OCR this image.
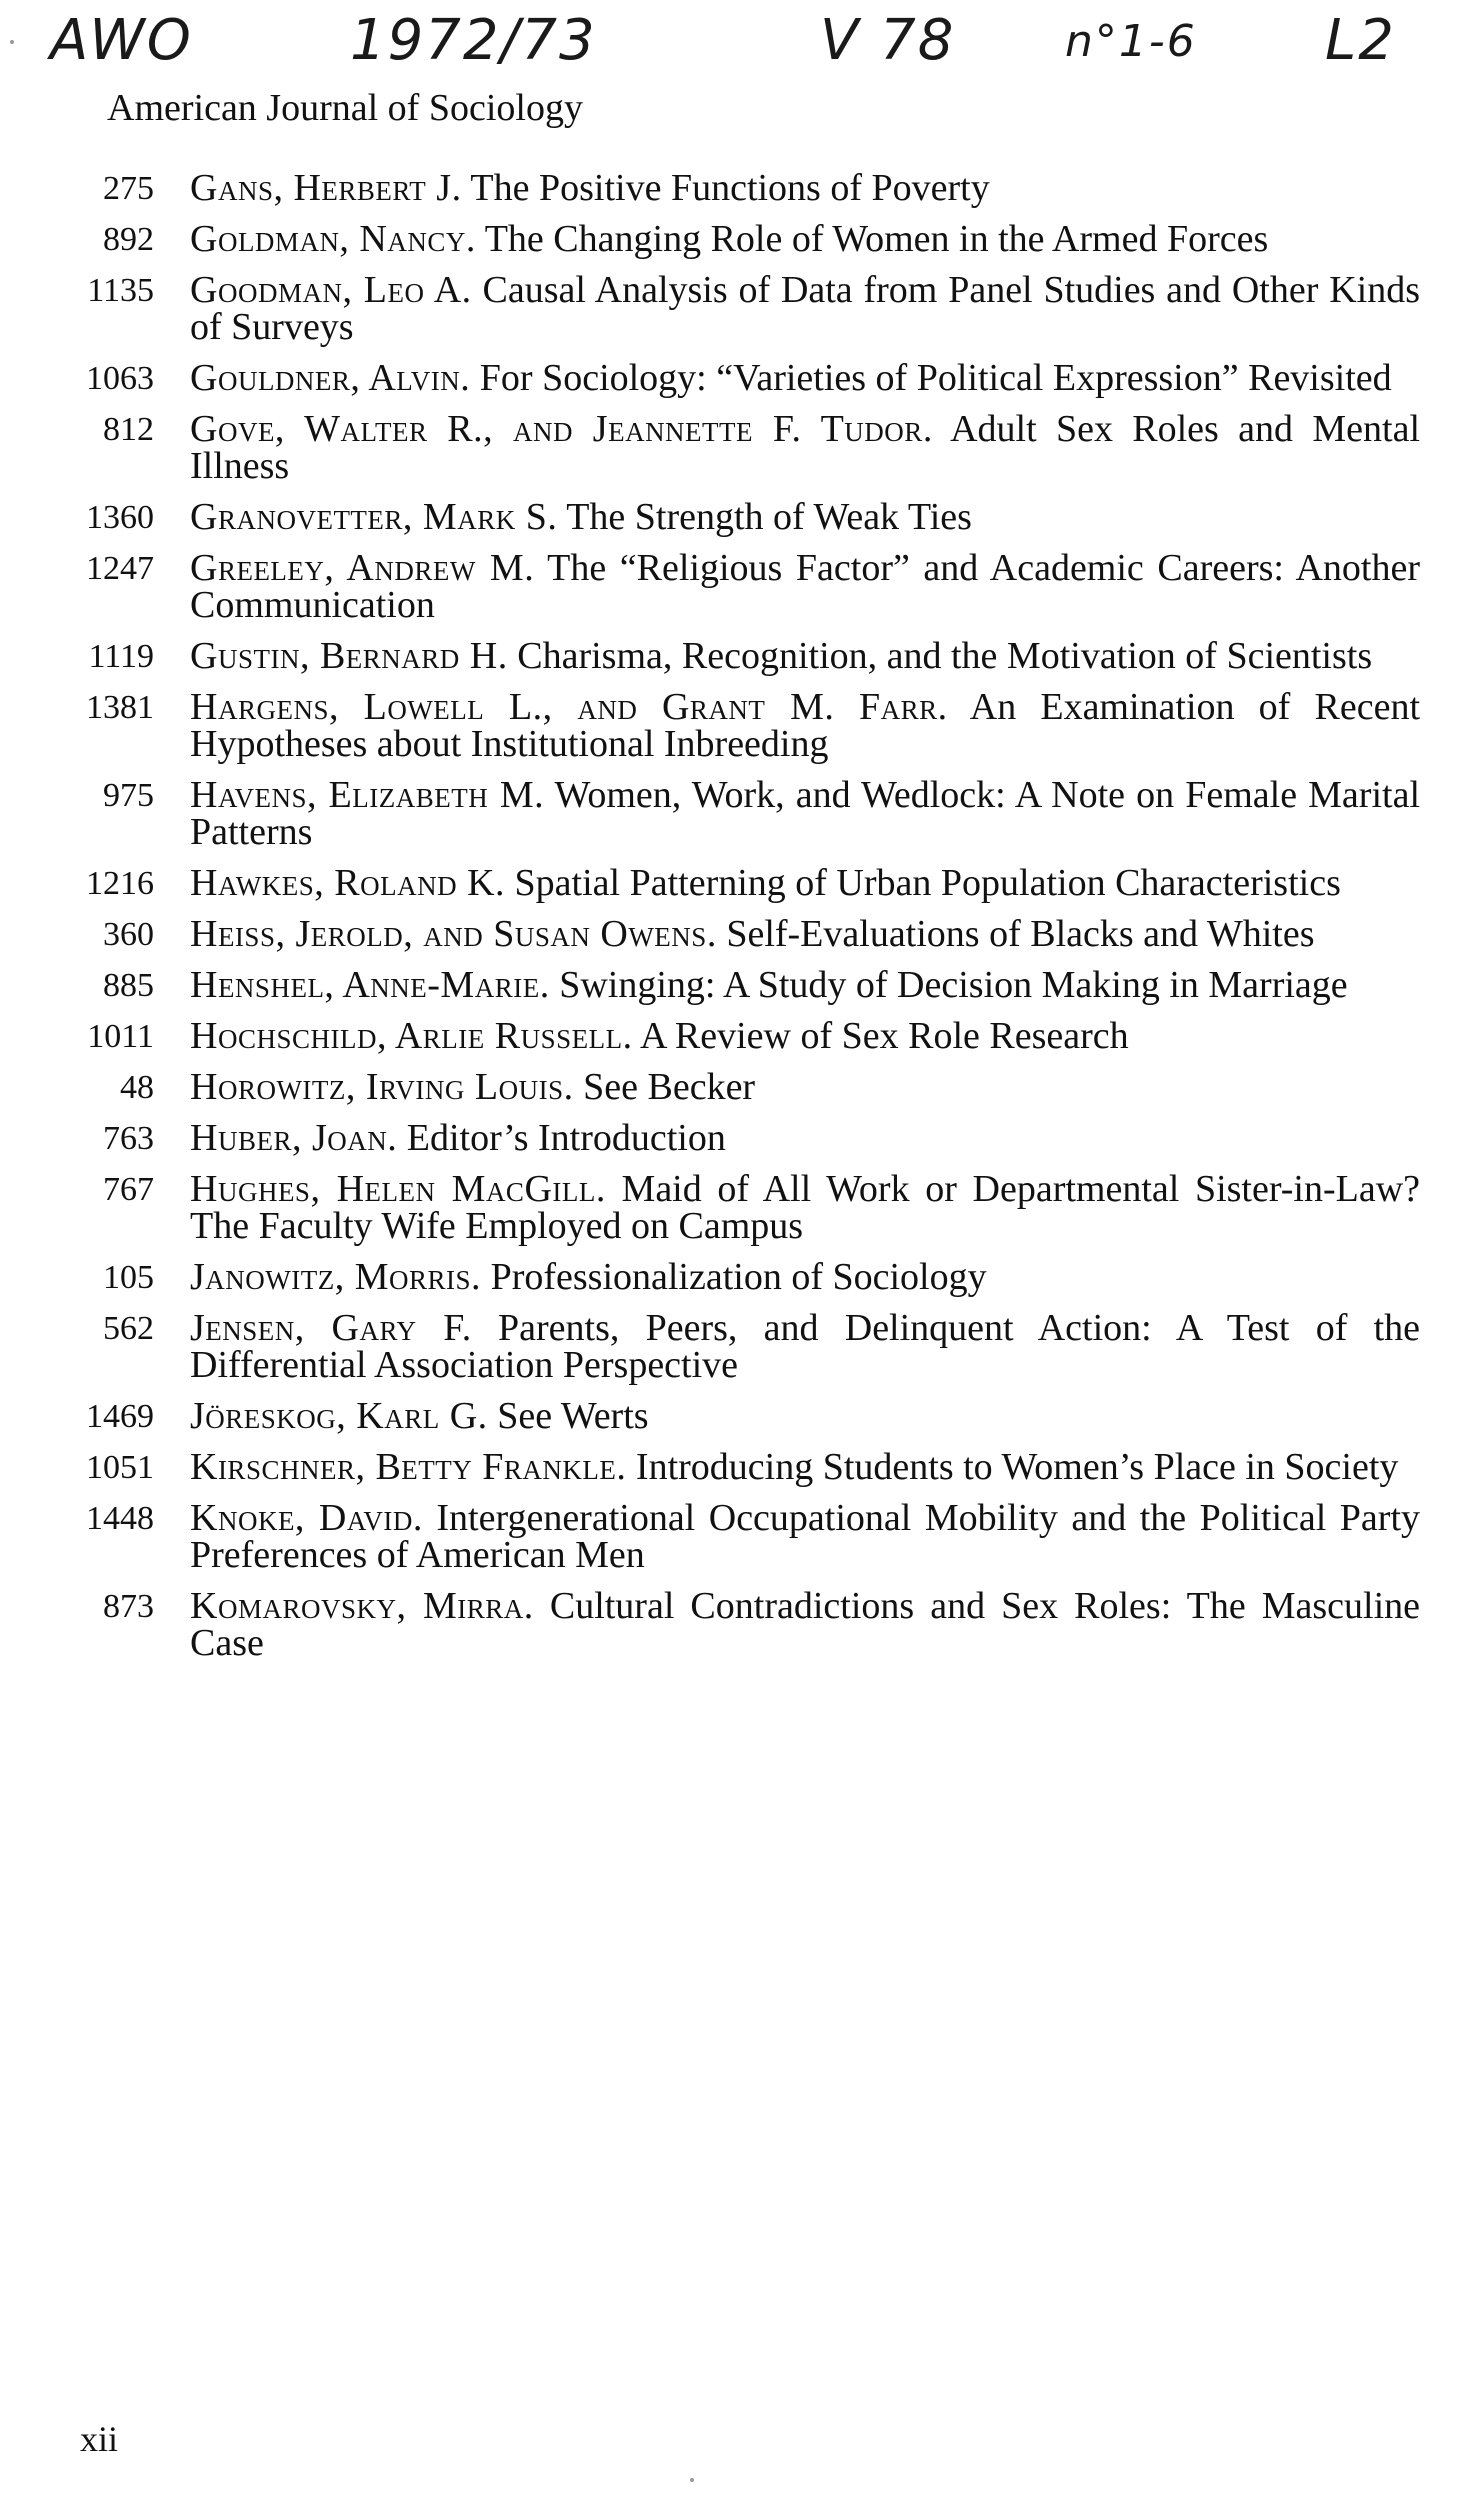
AWO	1972/73	V 78 n°1-6 L2
American Journal of Sociology
275 Gans, Herbert J. The Positive Functions of Poverty
892 Goldman, Nancy. The Changing Role of Women in the Armed Forces
1135 Goodman, Leo A. Causal Analysis of Data from Panel Studies and Other Kinds of Surveys
1063 Gouldner, Alvin. For Sociology: “Varieties of Political Expression” Revisited
812 Gove, Walter R., and Jeannette F. Tudor. Adult Sex Roles and Mental Illness
1360 Granovetter, Mark S. The Strength of Weak Ties
1247 Greeley, Andrew M. The “Religious Factor” and Academic Careers: Another Communication
1119 Gustin, Bernard H. Charisma, Recognition, and the Motivation of Scientists
1381 Hargens, Lowell L., and Grant M. Farr. An Examination of Recent Hypotheses about Institutional Inbreeding
975 Havens, Elizabeth M. Women, Work, and Wedlock: A Note on Female Marital Patterns
1216 Hawkes, Roland K. Spatial Patterning of Urban Population Characteristics
360 Heiss, Jerold, and Susan Owens. Self-Evaluations of Blacks and Whites
885 Henshel, Anne-Marie. Swinging: A Study of Decision Making in Marriage
1011 Hochschild, Arlie Russell. A Review of Sex Role Research
48 Horowitz, Irving Louis. See Becker
763 Huber, Joan. Editor’s Introduction
767 Hughes, Helen MacGill. Maid of All Work or Departmental Sister-in-Law? The Faculty Wife Employed on Campus
105 Janowitz, Morris. Professionalization of Sociology
562 Jensen, Gary F. Parents, Peers, and Delinquent Action: A Test of the Differential Association Perspective
1469 Jöreskog, Karl G. See Werts
1051 Kirschner, Betty Frankle. Introducing Students to Women’s Place in Society
1448 Knoke, David. Intergenerational Occupational Mobility and the Political Party Preferences of American Men
873 Komarovsky, Mirra. Cultural Contradictions and Sex Roles: The Masculine Case
xii
